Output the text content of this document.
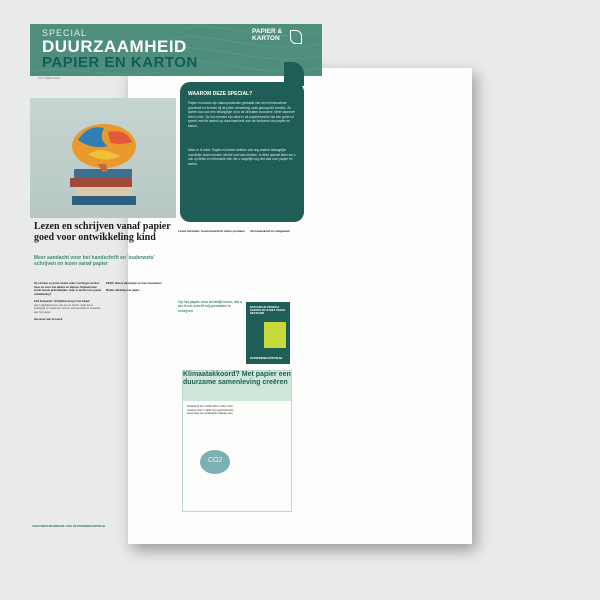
SPECIAL
DUURZAAMHEID
PAPIER EN KARTON
PAPIER &
KARTON
OKTOBER 2023
WAAROM DEZE SPECIAL?
Papier en karton zijn natuurproducten gemaakt van een hernieuwbare grondstof en kunnen bij de juiste verwerking vaak gerecycled worden. Ze spelen dan ook een belangrijke rol in de circulaire economie. Meer daarover leest u hier. Op het moment zijn deze in de papierbranche dat een grote rol speelt, met de nadruk op duurzaamheid voor de toekomst van papier en karton.
Maar er is meer. Papier en karton hebben ook nog andere belangrijke voordelen waar mensen minder snel aan denken. In deze special laten we u ook op feiten en informatie zien die u mogelijk nog niet wist over papier en karton.
Lezen en schrijven vanaf papier goed voor ontwikkeling kind
Meer aandacht voor het handschrift en 'ouderwets' schrijven en lezen vanaf papier
Op scholen en je het steeds vaker: leerlingen werken meer en meer met tablets en laptops. Digitaal lezen wordt steeds gebruikelijker, maar is dat wel een goede ontwikkeling?

Kirk Schneider: Schrijflink terug in het lokaal
Het is digitalisering is niet per se slecht, maar het is belangrijk om naast het scherm ook aandacht te besteden aan het papier.

Hersenen aan het werk
OESO: Betere teksbegrip en meer leesplezier

Minder afleiding met papier
Louise Schneider: Goed handschrift, betere prestaties
Op het papier voor bevallijk lezen, dat u als ik het schrift mij prestaties te schrijven
Van boekenboef tot collegebank
NATUURLIJK PAPIER & KARTON ER IS NIET TEGEN BESTAAND
PAPIERENKARTON.NL
Klimaatakkoord? Met papier een duurzame samenleving creëren
Nederland wil in 2030 49% minder CO2 uitstoten dan in 1990. De papierindustrie levert daar een belangrijke bijdrage aan.
CO2
VOOR MEER INFORMATIE: KIJK OP PAPIERENKARTON.NL
